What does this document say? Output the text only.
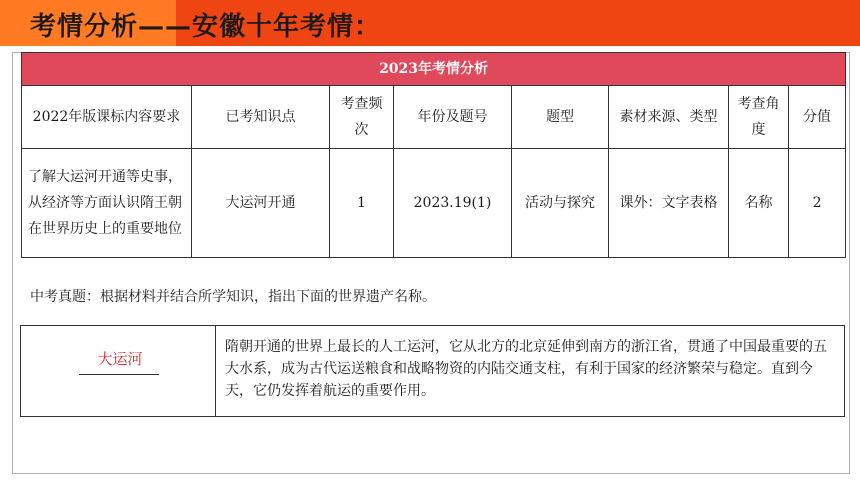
考情分析——安徽十年考情：
2023年考情分析							
2022年版课标内容要求	已考知识点	考查频次	年份及题号	题型	素材来源、类型	考查角度	分值
了解大运河开通等史事，从经济等方面认识隋王朝在世界历史上的重要地位	大运河开通	1	2023.19(1)	活动与探究	课外：文字表格	名称	2
中考真题：根据材料并结合所学知识，指出下面的世界遗产名称。
大运河
隋朝开通的世界上最长的人工运河，它从北方的北京延伸到南方的浙江省，贯通了中国最重要的五大水系，成为古代运送粮食和战略物资的内陆交通支柱，有利于国家的经济繁荣与稳定。直到今天，它仍发挥着航运的重要作用。
